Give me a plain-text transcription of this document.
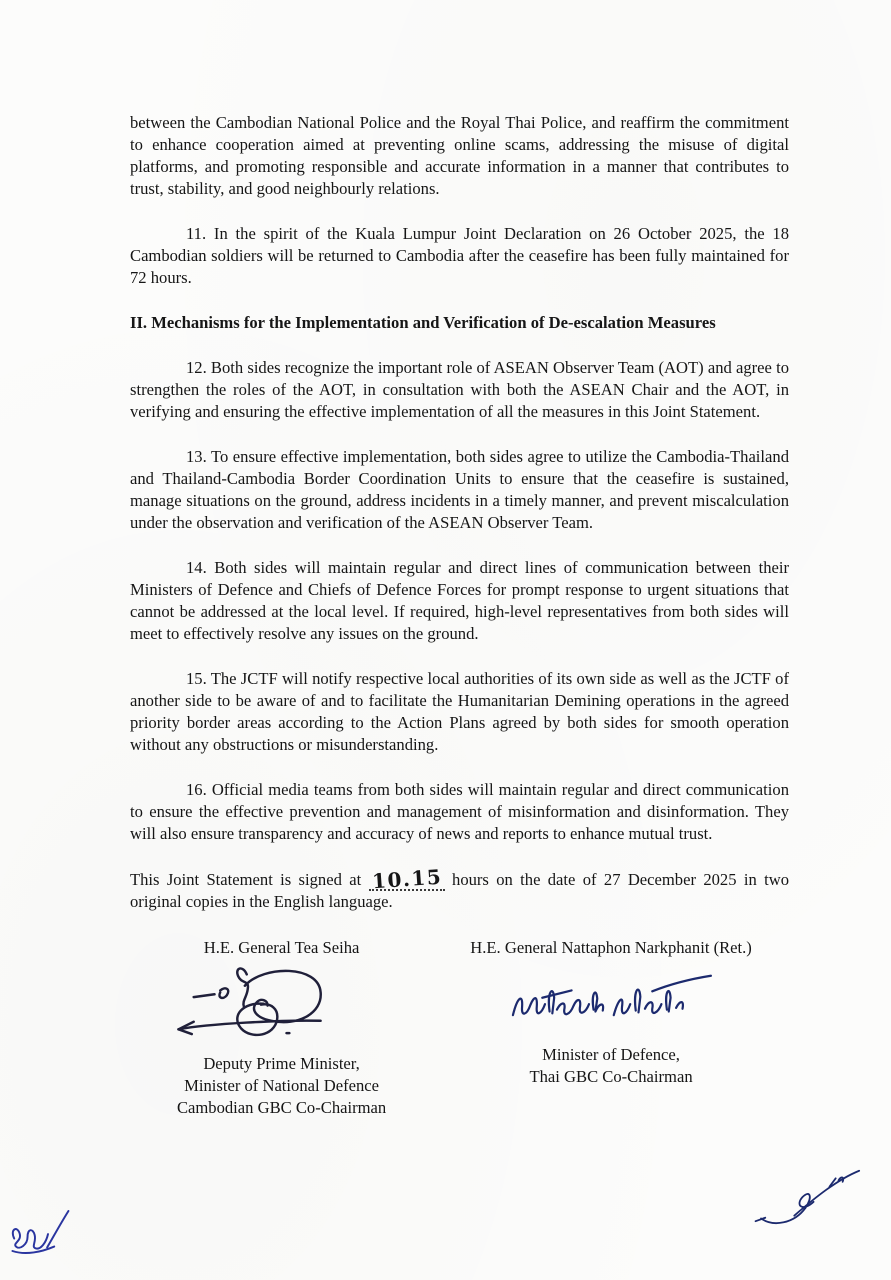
between the Cambodian National Police and the Royal Thai Police, and reaffirm the commitment to enhance cooperation aimed at preventing online scams, addressing the misuse of digital platforms, and promoting responsible and accurate information in a manner that contributes to trust, stability, and good neighbourly relations.

11. In the spirit of the Kuala Lumpur Joint Declaration on 26 October 2025, the 18 Cambodian soldiers will be returned to Cambodia after the ceasefire has been fully maintained for 72 hours.

II. Mechanisms for the Implementation and Verification of De-escalation Measures

12. Both sides recognize the important role of ASEAN Observer Team (AOT) and agree to strengthen the roles of the AOT, in consultation with both the ASEAN Chair and the AOT, in verifying and ensuring the effective implementation of all the measures in this Joint Statement.

13. To ensure effective implementation, both sides agree to utilize the Cambodia-Thailand and Thailand-Cambodia Border Coordination Units to ensure that the ceasefire is sustained, manage situations on the ground, address incidents in a timely manner, and prevent miscalculation under the observation and verification of the ASEAN Observer Team.

14. Both sides will maintain regular and direct lines of communication between their Ministers of Defence and Chiefs of Defence Forces for prompt response to urgent situations that cannot be addressed at the local level. If required, high-level representatives from both sides will meet to effectively resolve any issues on the ground.

15. The JCTF will notify respective local authorities of its own side as well as the JCTF of another side to be aware of and to facilitate the Humanitarian Demining operations in the agreed priority border areas according to the Action Plans agreed by both sides for smooth operation without any obstructions or misunderstanding.

16. Official media teams from both sides will maintain regular and direct communication to ensure the effective prevention and management of misinformation and disinformation. They will also ensure transparency and accuracy of news and reports to enhance mutual trust.

This Joint Statement is signed at 10.15 hours on the date of 27 December 2025 in two original copies in the English language.

H.E. General Tea Seiha
Deputy Prime Minister,
Minister of National Defence
Cambodian GBC Co-Chairman
H.E. General Nattaphon Narkphanit (Ret.)
Minister of Defence,
Thai GBC Co-Chairman
